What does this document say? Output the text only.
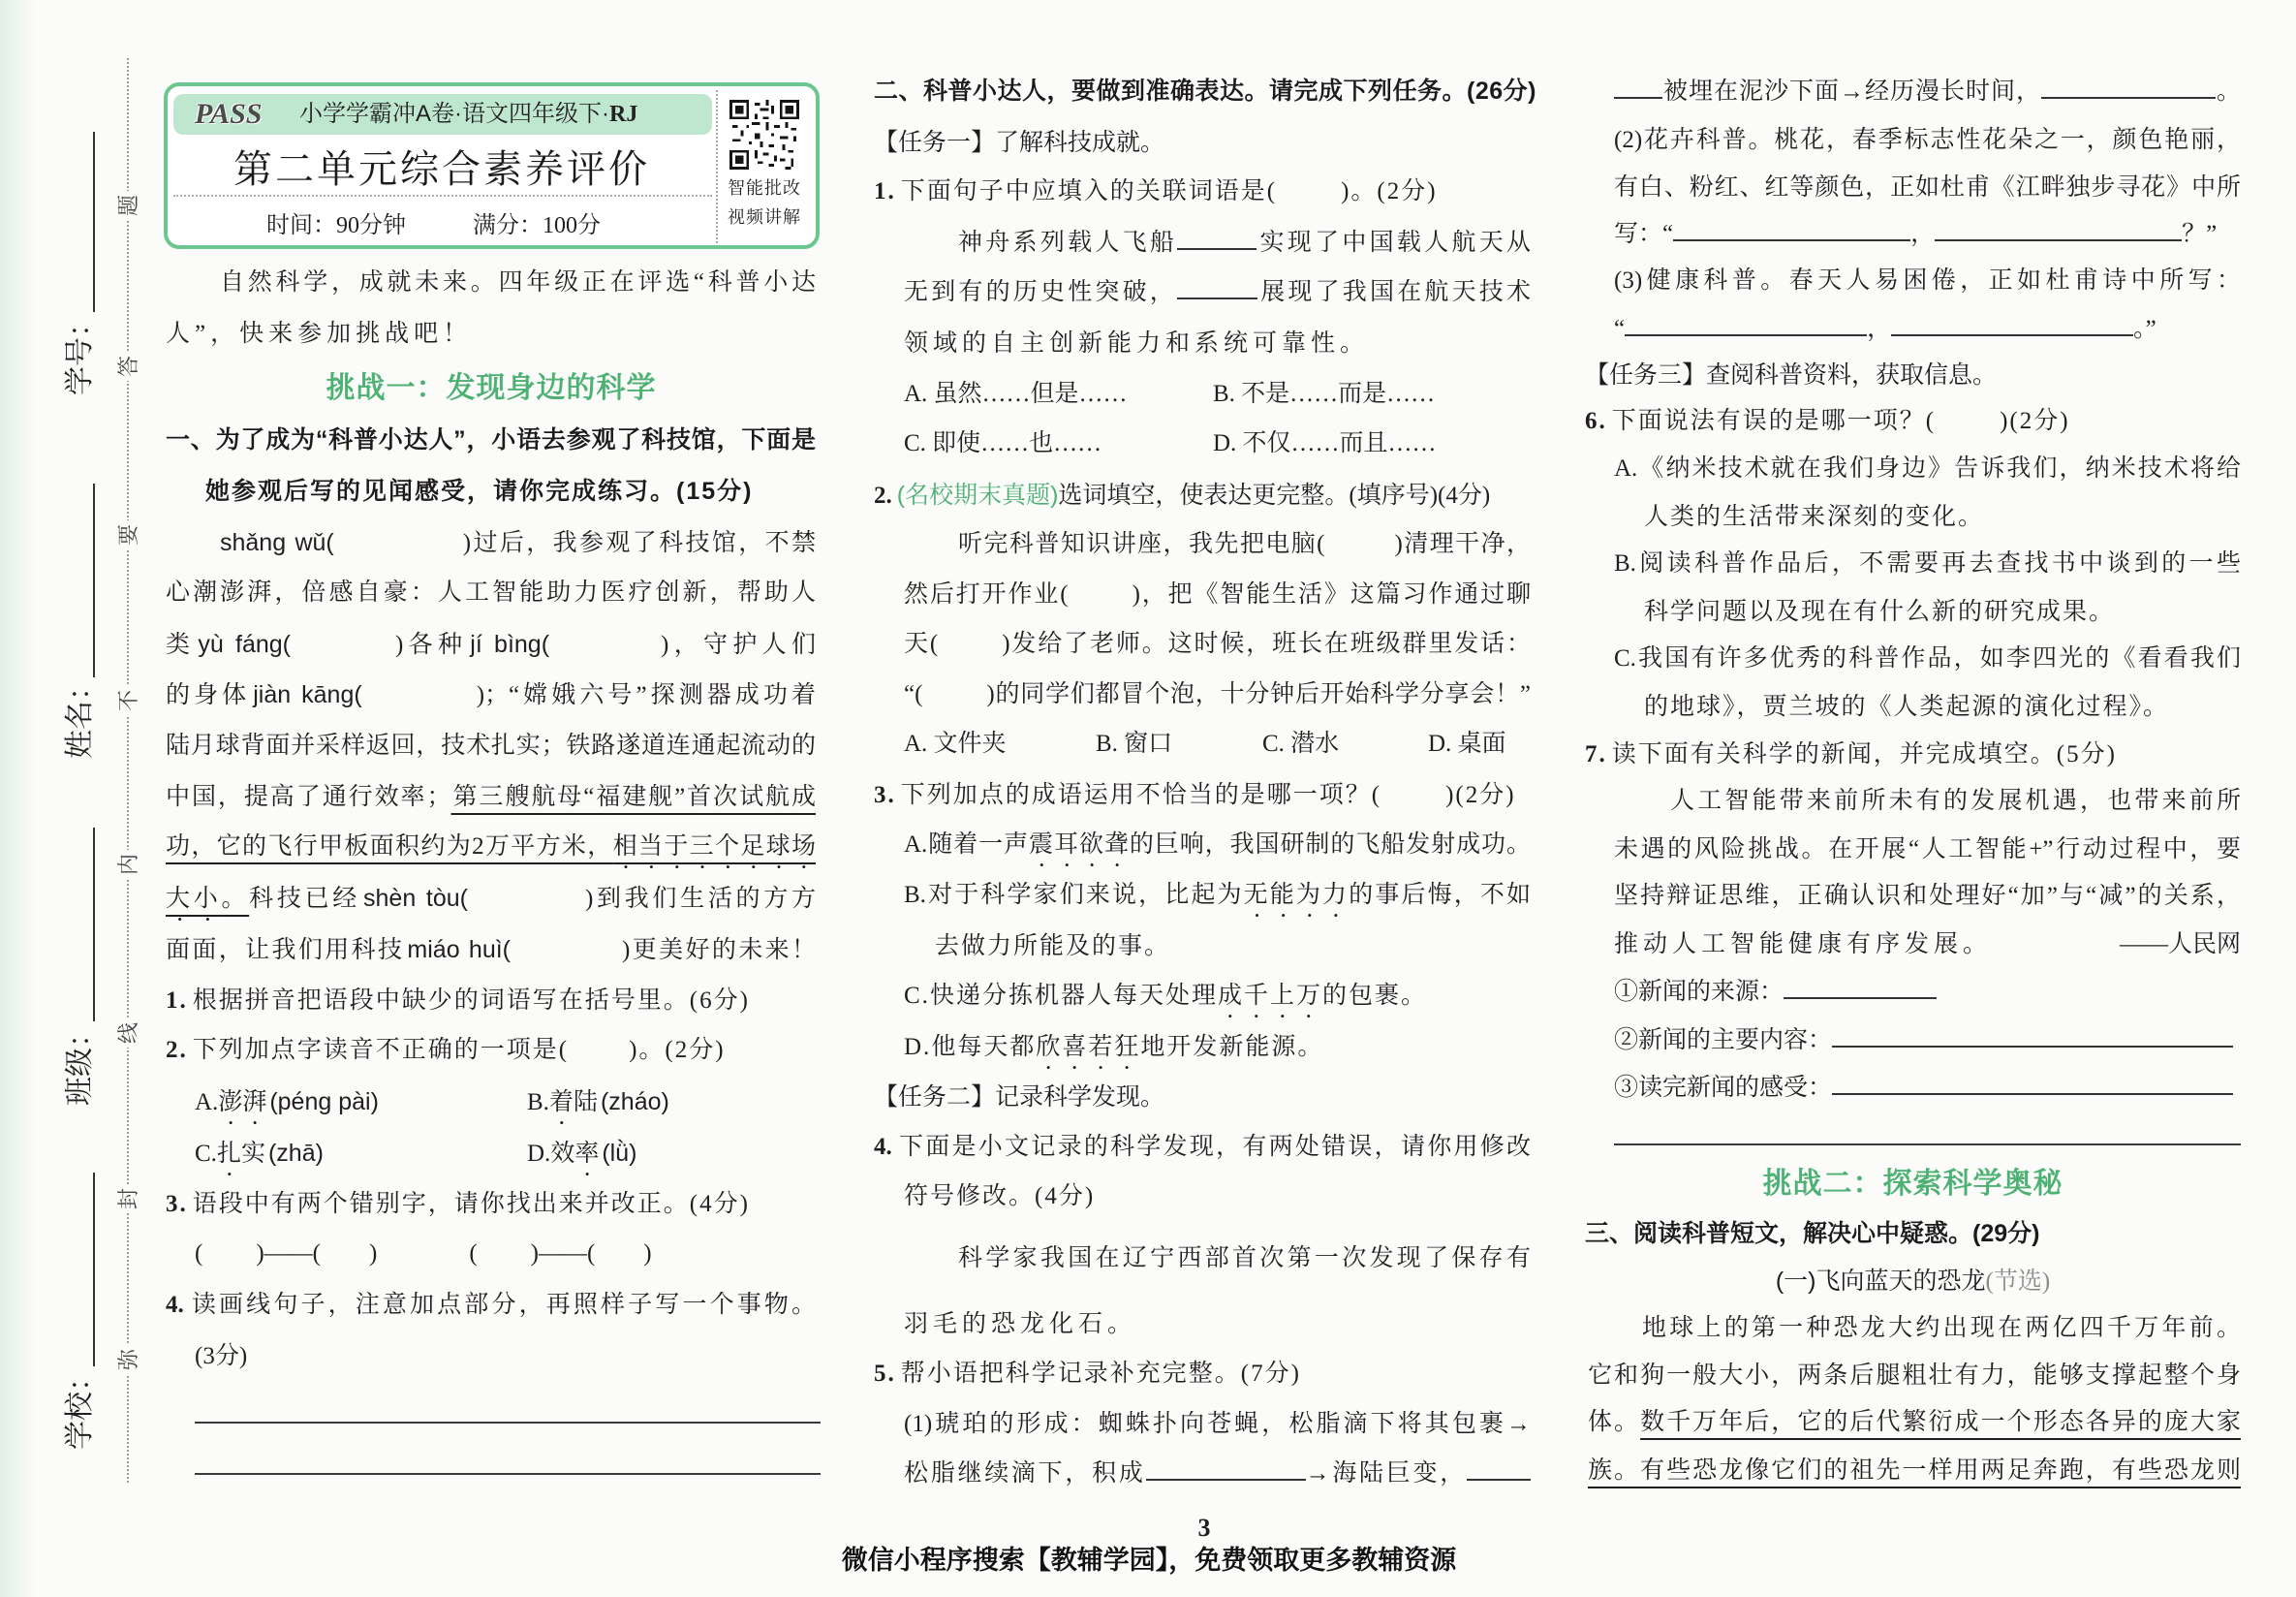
学号：
姓名：
班级：
学校：
题
答
要
不
内
线
封
弥
PASS 小学学霸冲A卷·语文四年级下·RJ
第二单元综合素养评价
时间：90分钟	满分：100分
智能批改
视频讲解
自然科学，成就未来。四年级正在评选“科普小达
人”，快来参加挑战吧！
挑战一：发现身边的科学
一、为了成为“科普小达人”，小语去参观了科技馆，下面是
她参观后写的见闻感受，请你完成练习。(15分)
shǎng wǔ(	)过后，我参观了科技馆，不禁
心潮澎湃，倍感自豪：人工智能助力医疗创新，帮助人
类 yù fáng(	)各种 jí bìng(	)，守护人们
的身体 jiàn kāng(	)；“嫦娥六号”探测器成功着
陆月球背面并采样返回，技术扎实；铁路遂道连通起流动的
中国，提高了通行效率；第三艘航母“福建舰”首次试航成
功，它的飞行甲板面积约为2万平方米，相当于三个足球场
大小。科技已经 shèn tòu(	)到我们生活的方方
面面，让我们用科技 miáo huì(	)更美好的未来！
1. 根据拼音把语段中缺少的词语写在括号里。(6分)
2. 下列加点字读音不正确的一项是( )。(2分)
A.澎湃 (péng pài)	B.着陆 (zháo)
C.扎实 (zhā)	D.效率 (lǜ)
3. 语段中有两个错别字，请你找出来并改正。(4分)
( )——( )	( )——( )
4. 读画线句子，注意加点部分，再照样子写一个事物。
(3分)
二、科普小达人，要做到准确表达。请完成下列任务。(26分)
【任务一】了解科技成就。
1. 下面句子中应填入的关联词语是(	)。(2分)
神舟系列载人飞船	实现了中国载人航天从
无到有的历史性突破，	展现了我国在航天技术
领域的自主创新能力和系统可靠性。
A. 虽然……但是……	B. 不是……而是……
C. 即使……也……	D. 不仅……而且……
2. (名校期末真题)选词填空，使表达更完整。(填序号)(4分)
听完科普知识讲座，我先把电脑(	)清理干净，
然后打开作业(	)，把《智能生活》这篇习作通过聊
天(	)发给了老师。这时候，班长在班级群里发话：
“(	)的同学们都冒个泡，十分钟后开始科学分享会！”
A. 文件夹	B. 窗口	C. 潜水	D. 桌面
3. 下列加点的成语运用不恰当的是哪一项？(	)(2分)
A.随着一声震耳欲聋的巨响，我国研制的飞船发射成功。
B.对于科学家们来说，比起为无能为力的事后悔，不如
去做力所能及的事。
C.快递分拣机器人每天处理成千上万的包裹。
D.他每天都欣喜若狂地开发新能源。
【任务二】记录科学发现。
4. 下面是小文记录的科学发现，有两处错误，请你用修改
符号修改。(4分)
科学家我国在辽宁西部首次第一次发现了保存有
羽毛的恐龙化石。
5. 帮小语把科学记录补充完整。(7分)
(1)琥珀的形成：蜘蛛扑向苍蝇，松脂滴下将其包裹→
松脂继续滴下，积成	→海陆巨变，
被埋在泥沙下面→经历漫长时间，	。
(2)花卉科普。桃花，春季标志性花朵之一，颜色艳丽，
有白、粉红、红等颜色，正如杜甫《江畔独步寻花》中所
写：“	，	？”
(3)健康科普。春天人易困倦，正如杜甫诗中所写：
“	，	。”
【任务三】查阅科普资料，获取信息。
6. 下面说法有误的是哪一项？(	)(2分)
A.《纳米技术就在我们身边》告诉我们，纳米技术将给
人类的生活带来深刻的变化。
B.阅读科普作品后，不需要再去查找书中谈到的一些
科学问题以及现在有什么新的研究成果。
C.我国有许多优秀的科普作品，如李四光的《看看我们
的地球》，贾兰坡的《人类起源的演化过程》。
7. 读下面有关科学的新闻，并完成填空。(5分)
人工智能带来前所未有的发展机遇，也带来前所
未遇的风险挑战。在开展“人工智能+”行动过程中，要
坚持辩证思维，正确认识和处理好“加”与“减”的关系，
推动人工智能健康有序发展。	——人民网
①新闻的来源：
②新闻的主要内容：
③读完新闻的感受：
挑战二：探索科学奥秘
三、阅读科普短文，解决心中疑惑。(29分)
(一)飞向蓝天的恐龙(节选)
地球上的第一种恐龙大约出现在两亿四千万年前。
它和狗一般大小，两条后腿粗壮有力，能够支撑起整个身
体。数千万年后，它的后代繁衍成一个形态各异的庞大家
族。有些恐龙像它们的祖先一样用两足奔跑，有些恐龙则
3
微信小程序搜索【教辅学园】，免费领取更多教辅资源
